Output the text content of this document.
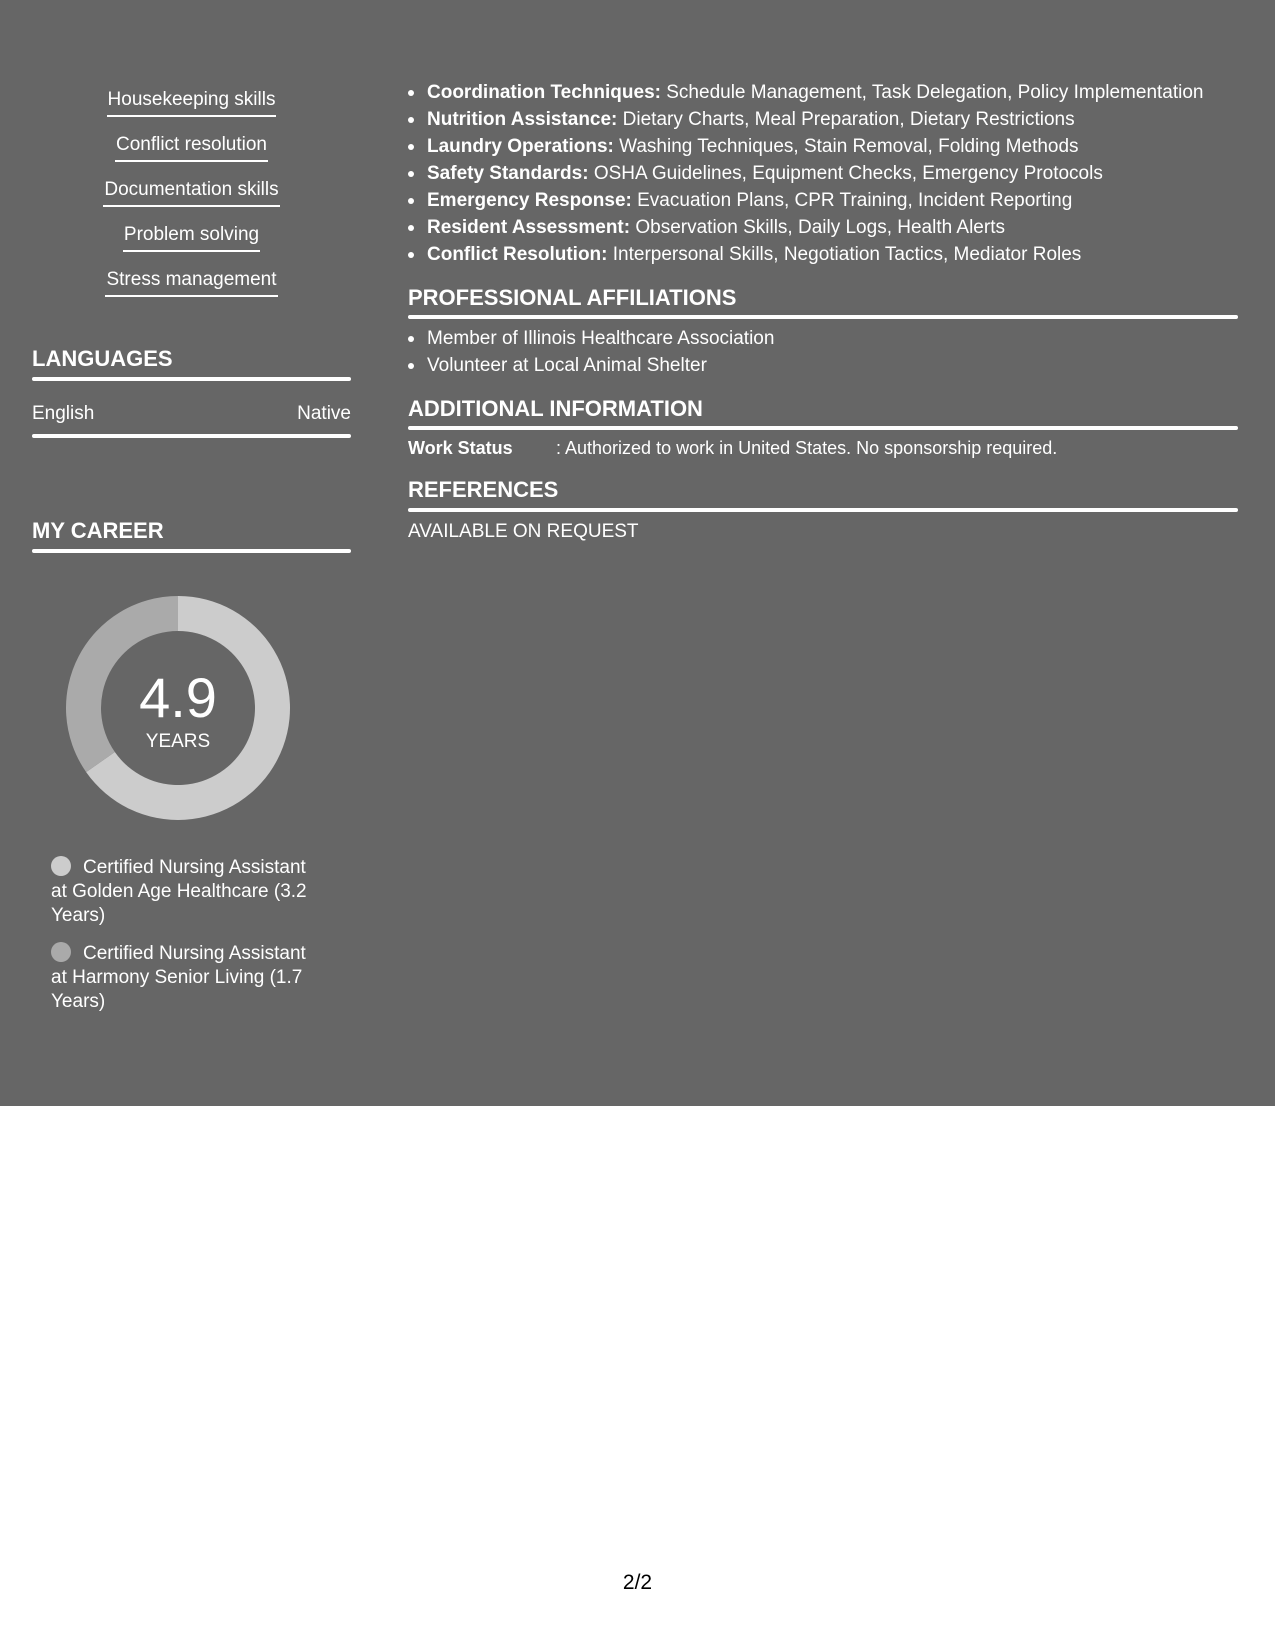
Housekeeping skills
Conflict resolution
Documentation skills
Problem solving
Stress management
LANGUAGES
English	Native
MY CAREER
4.9
YEARS
Certified Nursing Assistant at Golden Age Healthcare (3.2 Years)
Certified Nursing Assistant at Harmony Senior Living (1.7 Years)
Coordination Techniques: Schedule Management, Task Delegation, Policy Implementation
Nutrition Assistance: Dietary Charts, Meal Preparation, Dietary Restrictions
Laundry Operations: Washing Techniques, Stain Removal, Folding Methods
Safety Standards: OSHA Guidelines, Equipment Checks, Emergency Protocols
Emergency Response: Evacuation Plans, CPR Training, Incident Reporting
Resident Assessment: Observation Skills, Daily Logs, Health Alerts
Conflict Resolution: Interpersonal Skills, Negotiation Tactics, Mediator Roles
PROFESSIONAL AFFILIATIONS
Member of Illinois Healthcare Association
Volunteer at Local Animal Shelter
ADDITIONAL INFORMATION
Work Status : Authorized to work in United States. No sponsorship required.
REFERENCES
AVAILABLE ON REQUEST
2/2
